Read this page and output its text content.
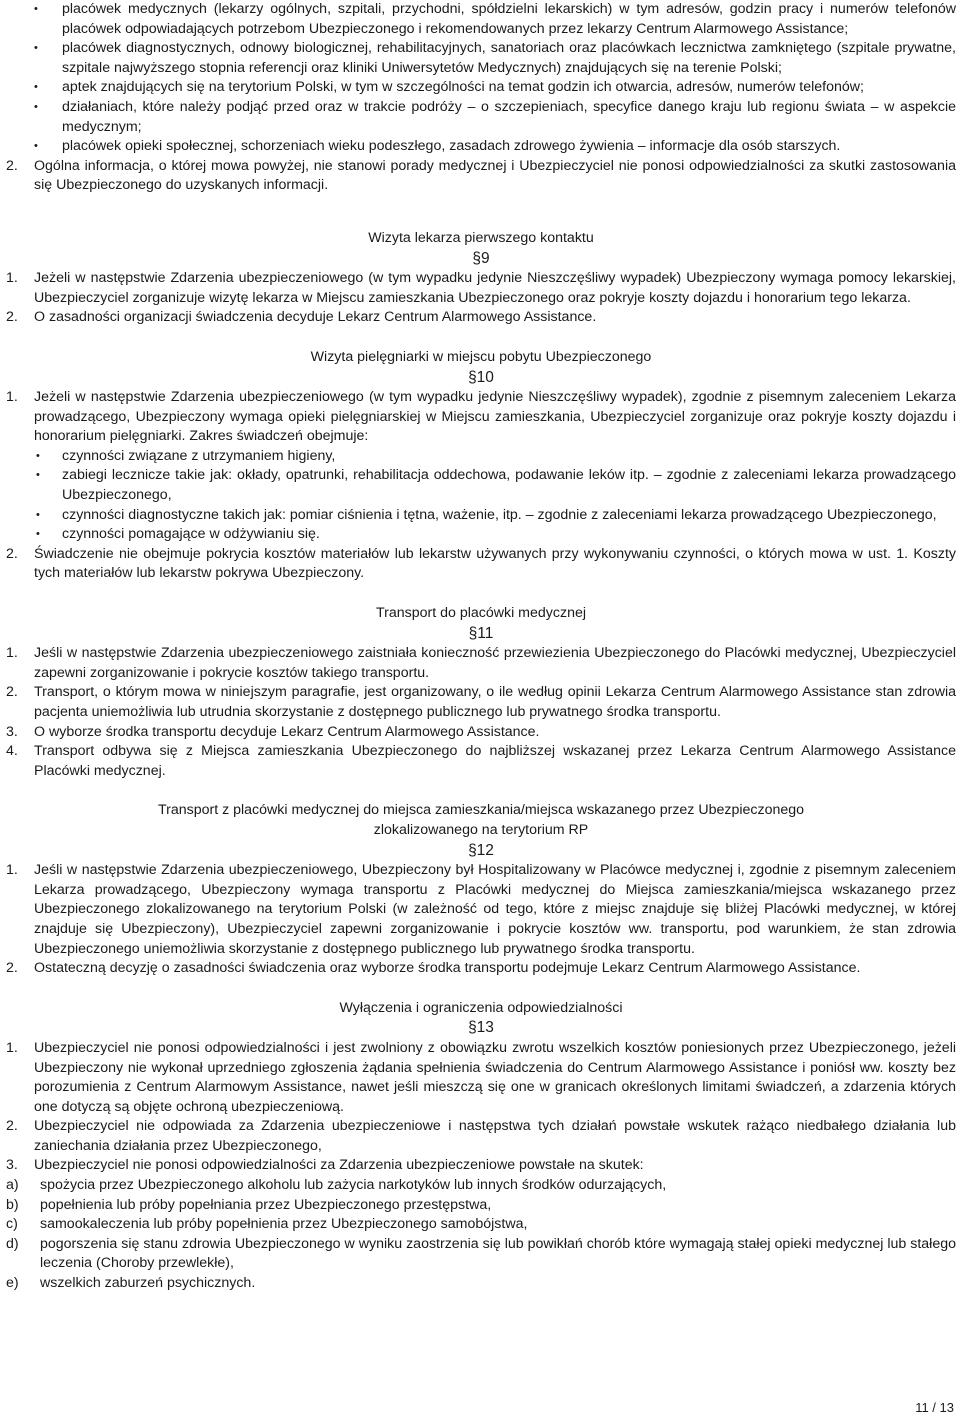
• placówek medycznych (lekarzy ogólnych, szpitali, przychodni, spółdzielni lekarskich) w tym adresów, godzin pracy i numerów telefonów placówek odpowiadających potrzebom Ubezpieczonego i rekomendowanych przez lekarzy Centrum Alarmowego Assistance;
• placówek diagnostycznych, odnowy biologicznej, rehabilitacyjnych, sanatoriach oraz placówkach lecznictwa zamkniętego (szpitale prywatne, szpitale najwyższego stopnia referencji oraz kliniki Uniwersytetów Medycznych) znajdujących się na terenie Polski;
• aptek znajdujących się na terytorium Polski, w tym w szczególności na temat godzin ich otwarcia, adresów, numerów telefonów;
• działaniach, które należy podjąć przed oraz w trakcie podróży – o szczepieniach, specyfice danego kraju lub regionu świata – w aspekcie medycznym;
• placówek opieki społecznej, schorzeniach wieku podeszłego, zasadach zdrowego żywienia – informacje dla osób starszych.
2. Ogólna informacja, o której mowa powyżej, nie stanowi porady medycznej i Ubezpieczyciel nie ponosi odpowiedzialności za skutki zastosowania się Ubezpieczonego do uzyskanych informacji.
Wizyta lekarza pierwszego kontaktu
§9
1. Jeżeli w następstwie Zdarzenia ubezpieczeniowego (w tym wypadku jedynie Nieszczęśliwy wypadek) Ubezpieczony wymaga pomocy lekarskiej, Ubezpieczyciel zorganizuje wizytę lekarza w Miejscu zamieszkania Ubezpieczonego oraz pokryje koszty dojazdu i honorarium tego lekarza.
2. O zasadności organizacji świadczenia decyduje Lekarz Centrum Alarmowego Assistance.
Wizyta pielęgniarki w miejscu pobytu Ubezpieczonego
§10
1. Jeżeli w następstwie Zdarzenia ubezpieczeniowego (w tym wypadku jedynie Nieszczęśliwy wypadek), zgodnie z pisemnym zaleceniem Lekarza prowadzącego, Ubezpieczony wymaga opieki pielęgniarskiej w Miejscu zamieszkania, Ubezpieczyciel zorganizuje oraz pokryje koszty dojazdu i honorarium pielęgniarki. Zakres świadczeń obejmuje:
• czynności związane z utrzymaniem higieny,
• zabiegi lecznicze takie jak: okłady, opatrunki, rehabilitacja oddechowa, podawanie leków itp. – zgodnie z zaleceniami lekarza prowadzącego Ubezpieczonego,
• czynności diagnostyczne takich jak: pomiar ciśnienia i tętna, ważenie, itp. – zgodnie z zaleceniami lekarza prowadzącego Ubezpieczonego,
• czynności pomagające w odżywianiu się.
2. Świadczenie nie obejmuje pokrycia kosztów materiałów lub lekarstw używanych przy wykonywaniu czynności, o których mowa w ust. 1. Koszty tych materiałów lub lekarstw pokrywa Ubezpieczony.
Transport do placówki medycznej
§11
1. Jeśli w następstwie Zdarzenia ubezpieczeniowego zaistniała konieczność przewiezienia Ubezpieczonego do Placówki medycznej, Ubezpieczyciel zapewni zorganizowanie i pokrycie kosztów takiego transportu.
2. Transport, o którym mowa w niniejszym paragrafie, jest organizowany, o ile według opinii Lekarza Centrum Alarmowego Assistance stan zdrowia pacjenta uniemożliwia lub utrudnia skorzystanie z dostępnego publicznego lub prywatnego środka transportu.
3. O wyborze środka transportu decyduje Lekarz Centrum Alarmowego Assistance.
4. Transport odbywa się z Miejsca zamieszkania Ubezpieczonego do najbliższej wskazanej przez Lekarza Centrum Alarmowego Assistance Placówki medycznej.
Transport z placówki medycznej do miejsca zamieszkania/miejsca wskazanego przez Ubezpieczonego
zlokalizowanego na terytorium RP
§12
1. Jeśli w następstwie Zdarzenia ubezpieczeniowego, Ubezpieczony był Hospitalizowany w Placówce medycznej i, zgodnie z pisemnym zaleceniem Lekarza prowadzącego, Ubezpieczony wymaga transportu z Placówki medycznej do Miejsca zamieszkania/miejsca wskazanego przez Ubezpieczonego zlokalizowanego na terytorium Polski (w zależność od tego, które z miejsc znajduje się bliżej Placówki medycznej, w której znajduje się Ubezpieczony), Ubezpieczyciel zapewni zorganizowanie i pokrycie kosztów ww. transportu, pod warunkiem, że stan zdrowia Ubezpieczonego uniemożliwia skorzystanie z dostępnego publicznego lub prywatnego środka transportu.
2. Ostateczną decyzję o zasadności świadczenia oraz wyborze środka transportu podejmuje Lekarz Centrum Alarmowego Assistance.
Wyłączenia i ograniczenia odpowiedzialności
§13
1. Ubezpieczyciel nie ponosi odpowiedzialności i jest zwolniony z obowiązku zwrotu wszelkich kosztów poniesionych przez Ubezpieczonego, jeżeli Ubezpieczony nie wykonał uprzedniego zgłoszenia żądania spełnienia świadczenia do Centrum Alarmowego Assistance i poniósł ww. koszty bez porozumienia z Centrum Alarmowym Assistance, nawet jeśli mieszczą się one w granicach określonych limitami świadczeń, a zdarzenia których one dotyczą są objęte ochroną ubezpieczeniową.
2. Ubezpieczyciel nie odpowiada za Zdarzenia ubezpieczeniowe i następstwa tych działań powstałe wskutek rażąco niedbałego działania lub zaniechania działania przez Ubezpieczonego,
3. Ubezpieczyciel nie ponosi odpowiedzialności za Zdarzenia ubezpieczeniowe powstałe na skutek:
a) spożycia przez Ubezpieczonego alkoholu lub zażycia narkotyków lub innych środków odurzających,
b) popełnienia lub próby popełniania przez Ubezpieczonego przestępstwa,
c) samookaleczenia lub próby popełnienia przez Ubezpieczonego samobójstwa,
d) pogorszenia się stanu zdrowia Ubezpieczonego w wyniku zaostrzenia się lub powikłań chorób które wymagają stałej opieki medycznej lub stałego leczenia (Choroby przewlekłe),
e) wszelkich zaburzeń psychicznych.
11 / 13
